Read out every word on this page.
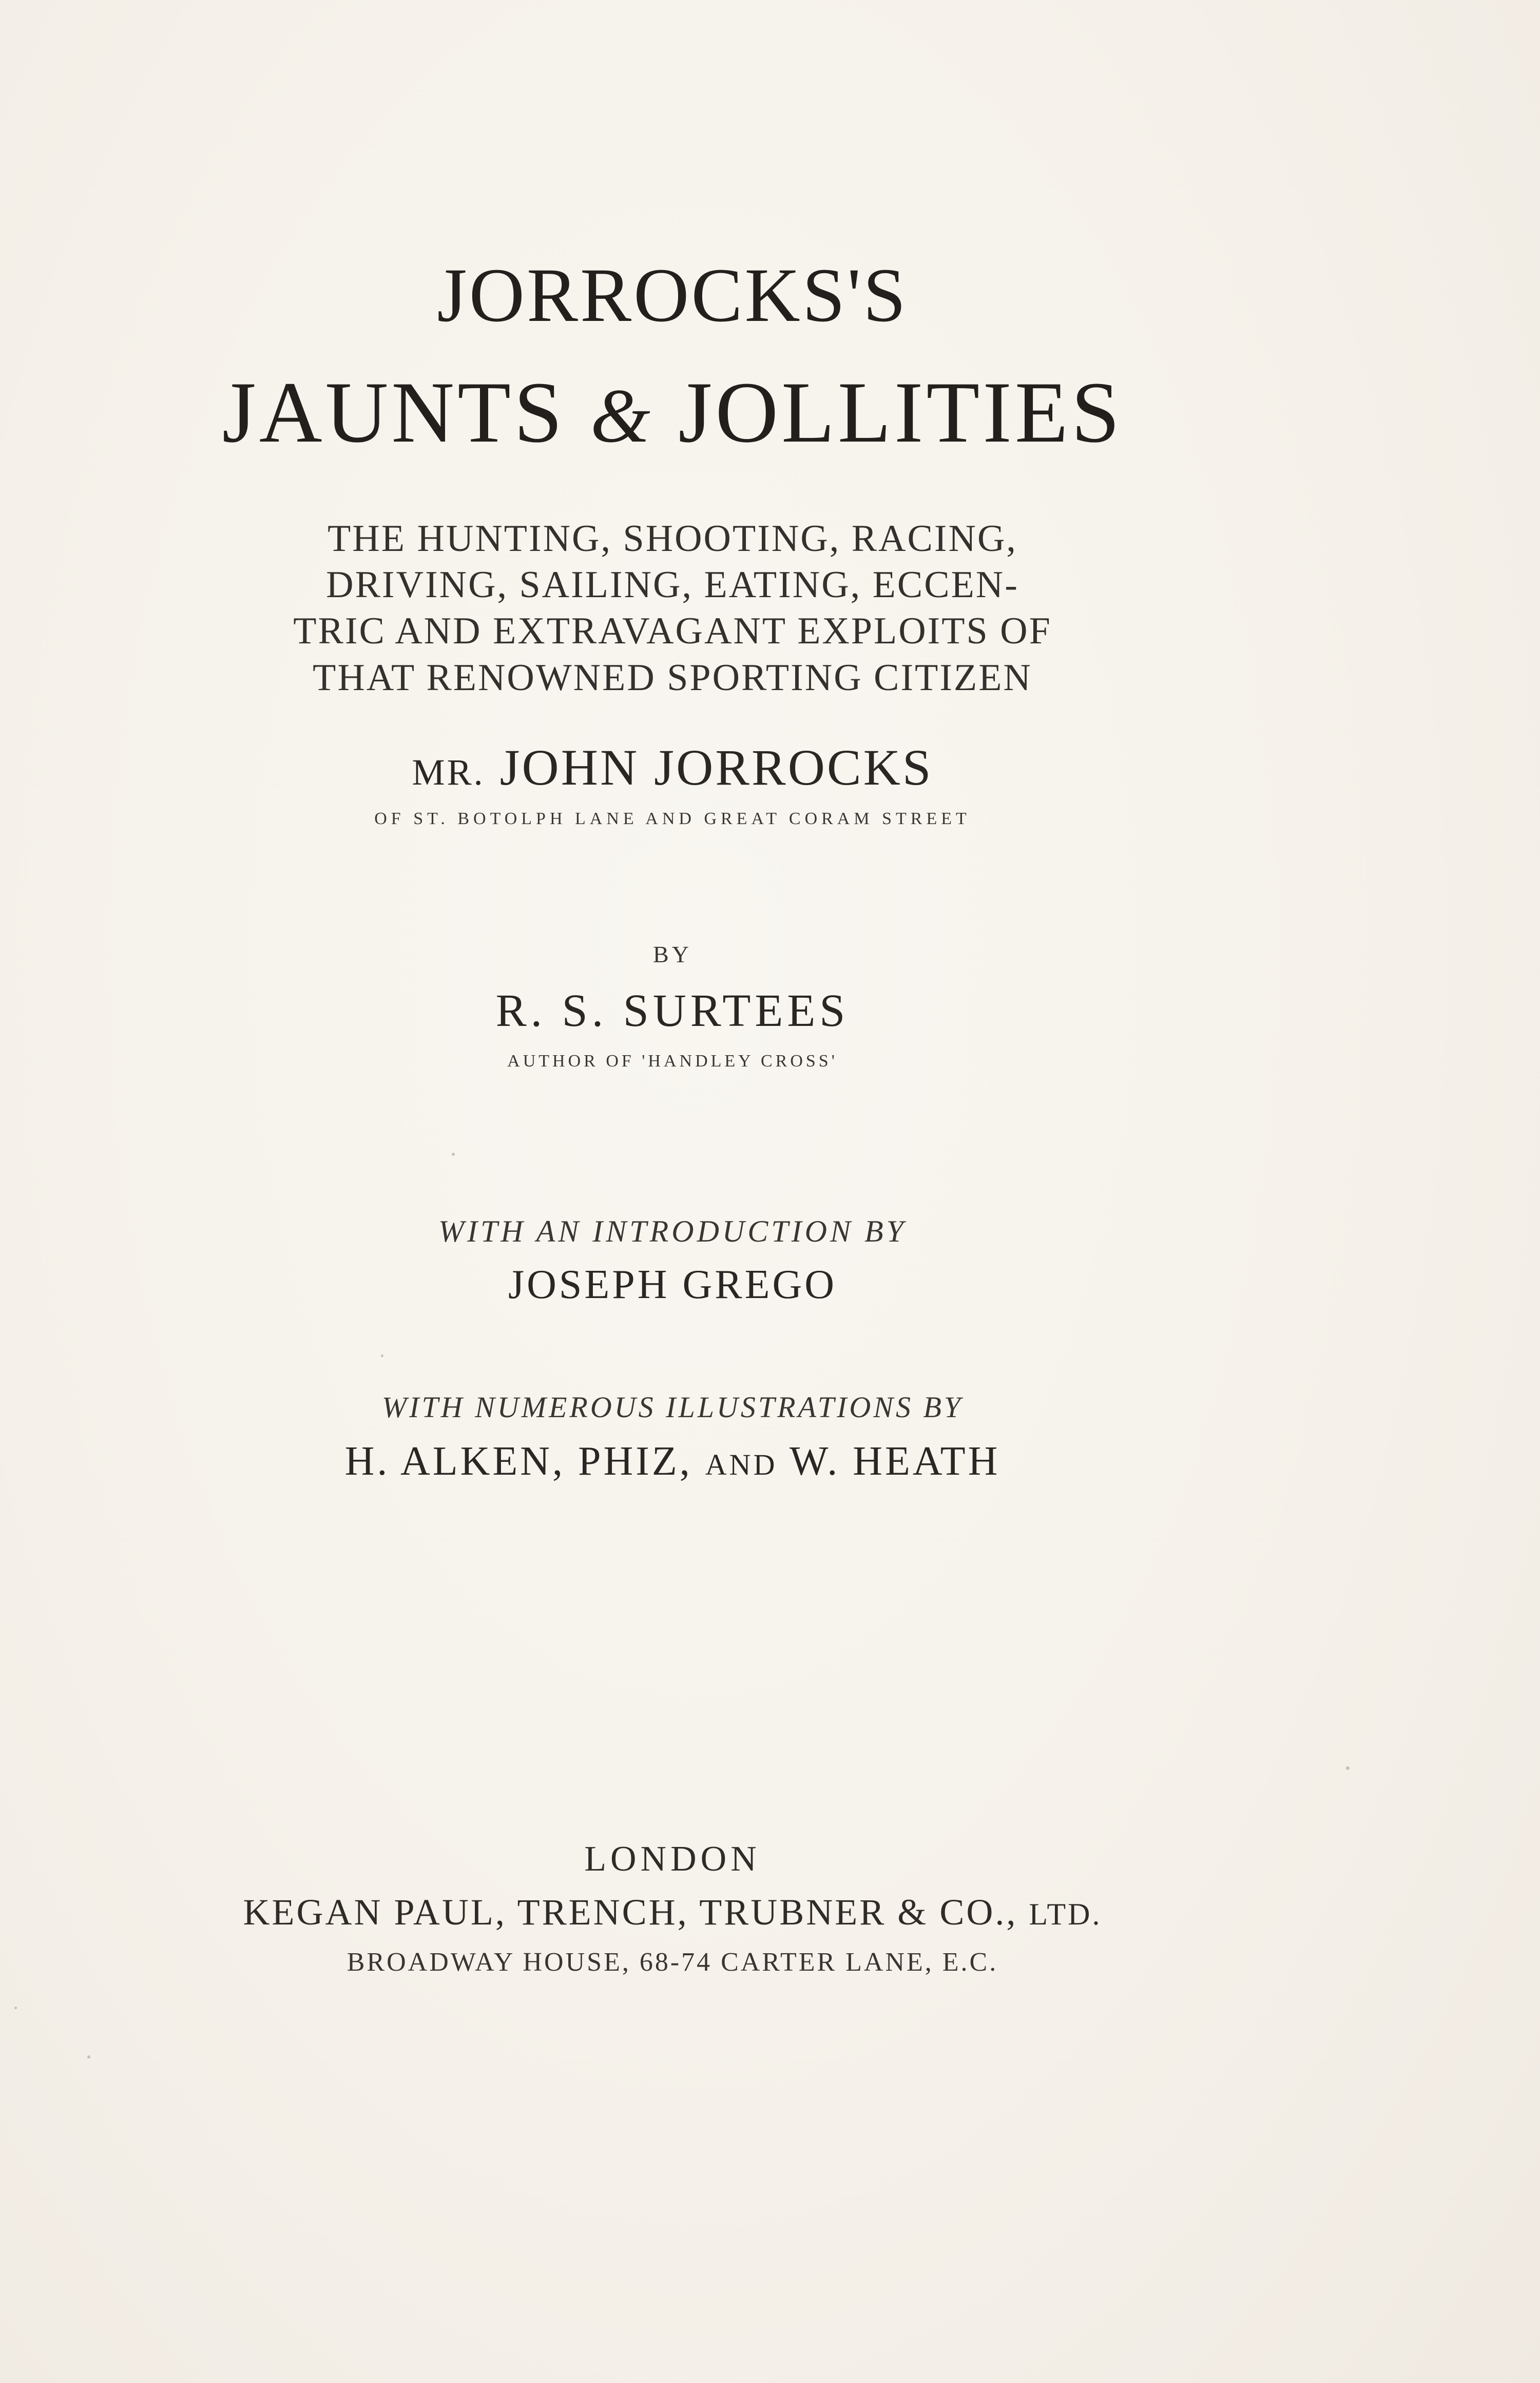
JORROCKS'S
JAUNTS & JOLLITIES
THE HUNTING, SHOOTING, RACING,
DRIVING, SAILING, EATING, ECCEN-
TRIC AND EXTRAVAGANT EXPLOITS OF
THAT RENOWNED SPORTING CITIZEN
MR. JOHN JORROCKS
OF ST. BOTOLPH LANE AND GREAT CORAM STREET
BY
R. S. SURTEES
AUTHOR OF 'HANDLEY CROSS'
WITH AN INTRODUCTION BY
JOSEPH GREGO
WITH NUMEROUS ILLUSTRATIONS BY
H. ALKEN, PHIZ, AND W. HEATH
LONDON
KEGAN PAUL, TRENCH, TRUBNER & CO., LTD.
BROADWAY HOUSE, 68-74 CARTER LANE, E.C.
